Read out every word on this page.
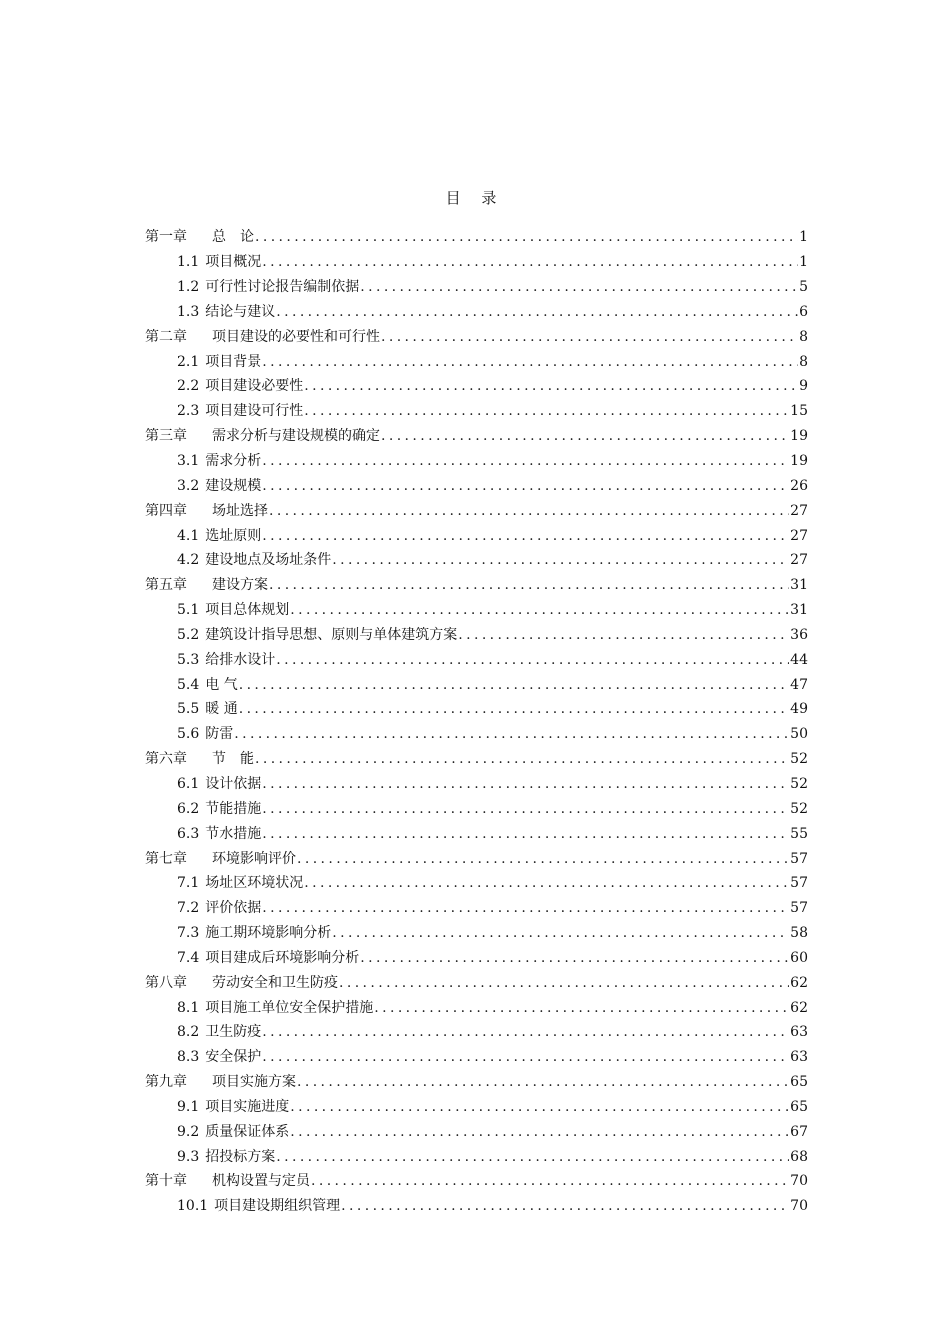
目 录
第一章	总　论 .....	1
1.1 项目概况 .....	1
1.2 可行性讨论报告编制依据 .....	5
1.3 结论与建议 .....	6
第二章	项目建设的必要性和可行性 .....	8
2.1 项目背景 .....	8
2.2 项目建设必要性 .....	9
2.3 项目建设可行性 .....	15
第三章	需求分析与建设规模的确定 .....	19
3.1 需求分析 .....	19
3.2 建设规模 .....	26
第四章	场址选择 .....	27
4.1 选址原则 .....	27
4.2 建设地点及场址条件 .....	27
第五章	建设方案 .....	31
5.1 项目总体规划 .....	31
5.2 建筑设计指导思想、原则与单体建筑方案 .....	36
5.3 给排水设计 .....	44
5.4 电 气 .....	47
5.5 暖 通 .....	49
5.6 防雷 .....	50
第六章	节　能 .....	52
6.1 设计依据 .....	52
6.2 节能措施 .....	52
6.3 节水措施 .....	55
第七章	环境影响评价 .....	57
7.1 场址区环境状况 .....	57
7.2 评价依据 .....	57
7.3 施工期环境影响分析 .....	58
7.4 项目建成后环境影响分析 .....	60
第八章	劳动安全和卫生防疫 .....	62
8.1 项目施工单位安全保护措施 .....	62
8.2 卫生防疫 .....	63
8.3 安全保护 .....	63
第九章	项目实施方案 .....	65
9.1 项目实施进度 .....	65
9.2 质量保证体系 .....	67
9.3 招投标方案 .....	68
第十章	机构设置与定员 .....	70
10.1 项目建设期组织管理 .....	70
